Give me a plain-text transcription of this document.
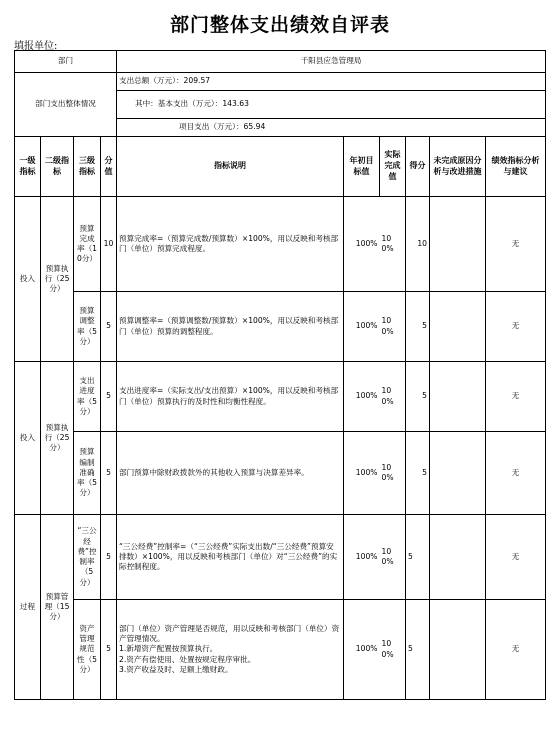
部门整体支出绩效自评表
填报单位:
部门				千阳县应急管理局					
部门支出整体情况				支出总额（万元）：209.57					
				其中：基本支出（万元）：143.63					
				项目支出（万元）：65.94					
一级指标	二级指标	三级指标	分值	指标说明	年初目标值	实际完成值	得分	未完成原因分析与改进措施	绩效指标分析与建议
投入	预算执行（25分）	预算完成率（10分）	10	预算完成率=（预算完成数/预算数）×100%，用以反映和考核部门（单位）预算完成程度。	100%	100%	10		无
		预算调整率（5分）	5	预算调整率=（预算调整数/预算数）×100%，用以反映和考核部门（单位）预算的调整程度。	100%	100%	5		无
投入	预算执行（25分）	支出进度率（5分）	5	支出进度率=（实际支出/支出预算）×100%，用以反映和考核部门（单位）预算执行的及时性和均衡性程度。	100%	100%	5		无
		预算编制准确率（5分）	5	部门预算中除财政拨款外的其他收入预算与决算差异率。	100%	100%	5		无
过程	预算管理（15分）	“三公经费”控制率（5分）	5	“三公经费”控制率=（“三公经费”实际支出数/“三公经费”预算安排数）×100%，用以反映和考核部门（单位）对“三公经费”的实际控制程度。	100%	100%	5		无
		资产管理规范性（5分）	5	部门（单位）资产管理是否规范，用以反映和考核部门（单位）资产管理情况。
1.新增资产配置按预算执行。
2.资产有偿使用、处置按规定程序审批。
3.资产收益及时、足额上缴财政。	100%	100%	5		无
